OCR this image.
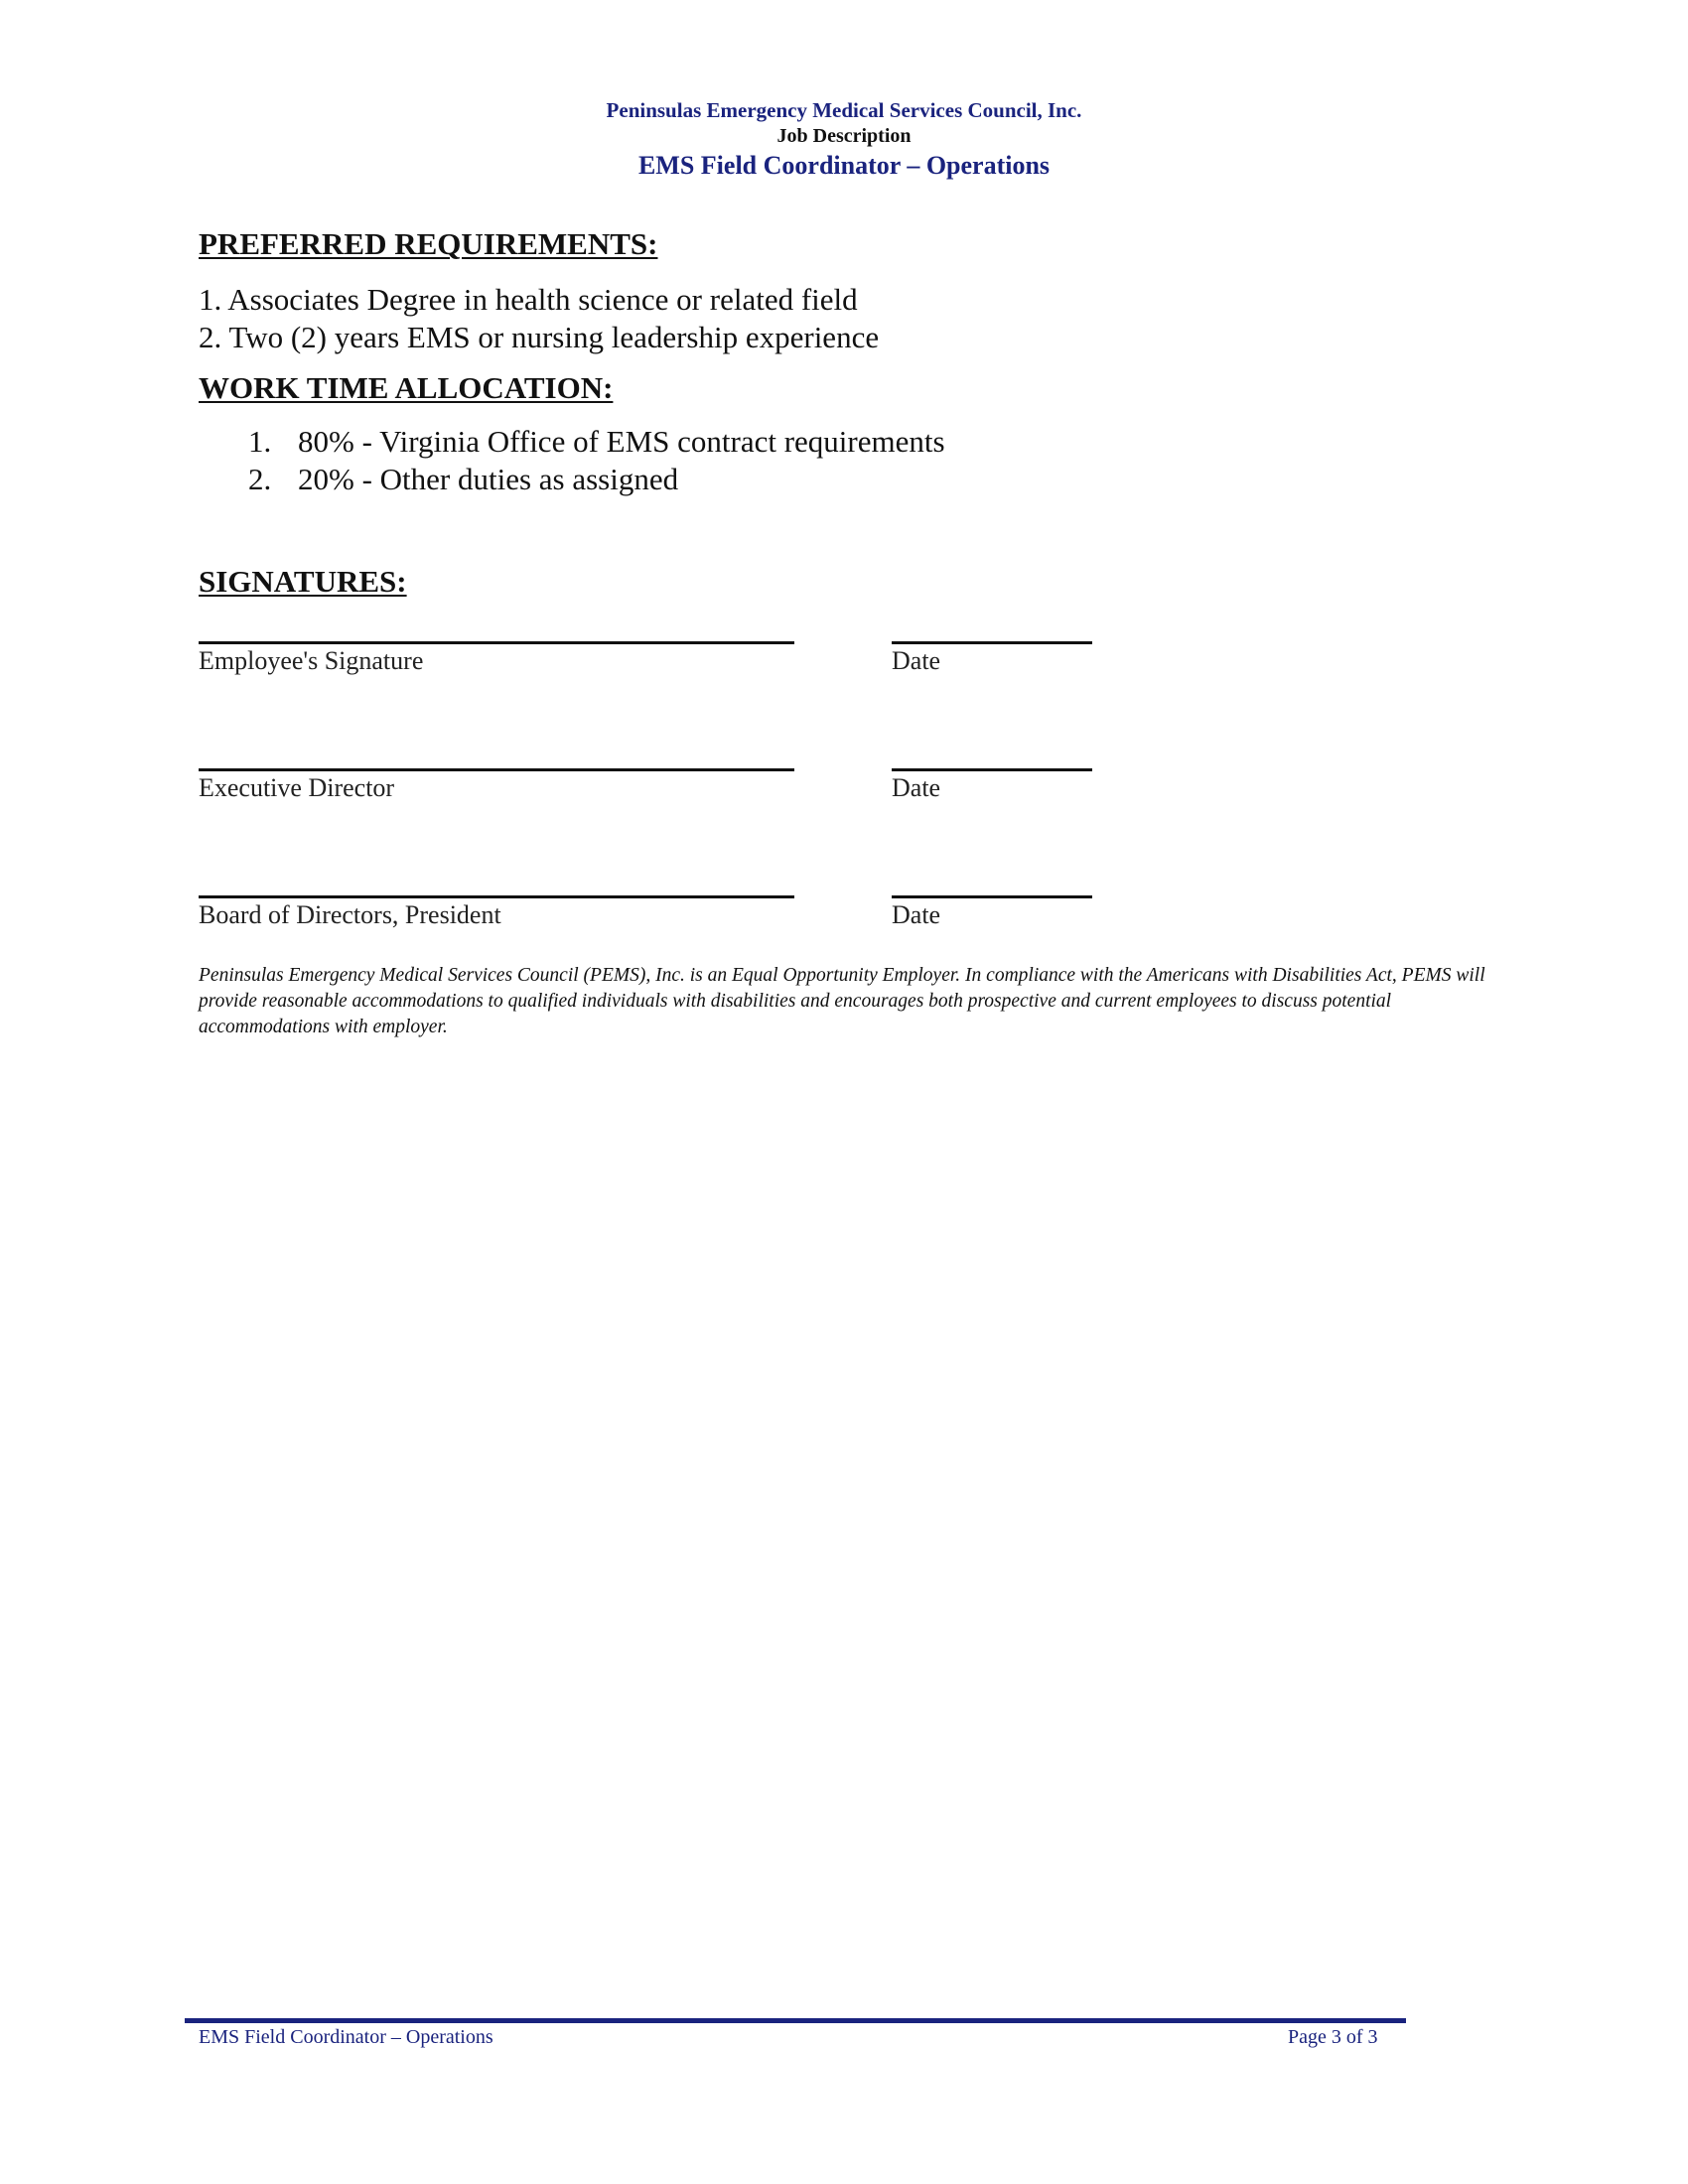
Peninsulas Emergency Medical Services Council, Inc.
Job Description
EMS Field Coordinator – Operations
PREFERRED REQUIREMENTS:
1. Associates Degree in health science or related field
2. Two (2) years EMS or nursing leadership experience
WORK TIME ALLOCATION:
1. 80% - Virginia Office of EMS contract requirements
2. 20% - Other duties as assigned
SIGNATURES:
Employee's Signature	Date
Executive Director	Date
Board of Directors, President	Date
Peninsulas Emergency Medical Services Council (PEMS), Inc. is an Equal Opportunity Employer. In compliance with the Americans with Disabilities Act, PEMS will provide reasonable accommodations to qualified individuals with disabilities and encourages both prospective and current employees to discuss potential accommodations with employer.
EMS Field Coordinator – Operations	Page 3 of 3
